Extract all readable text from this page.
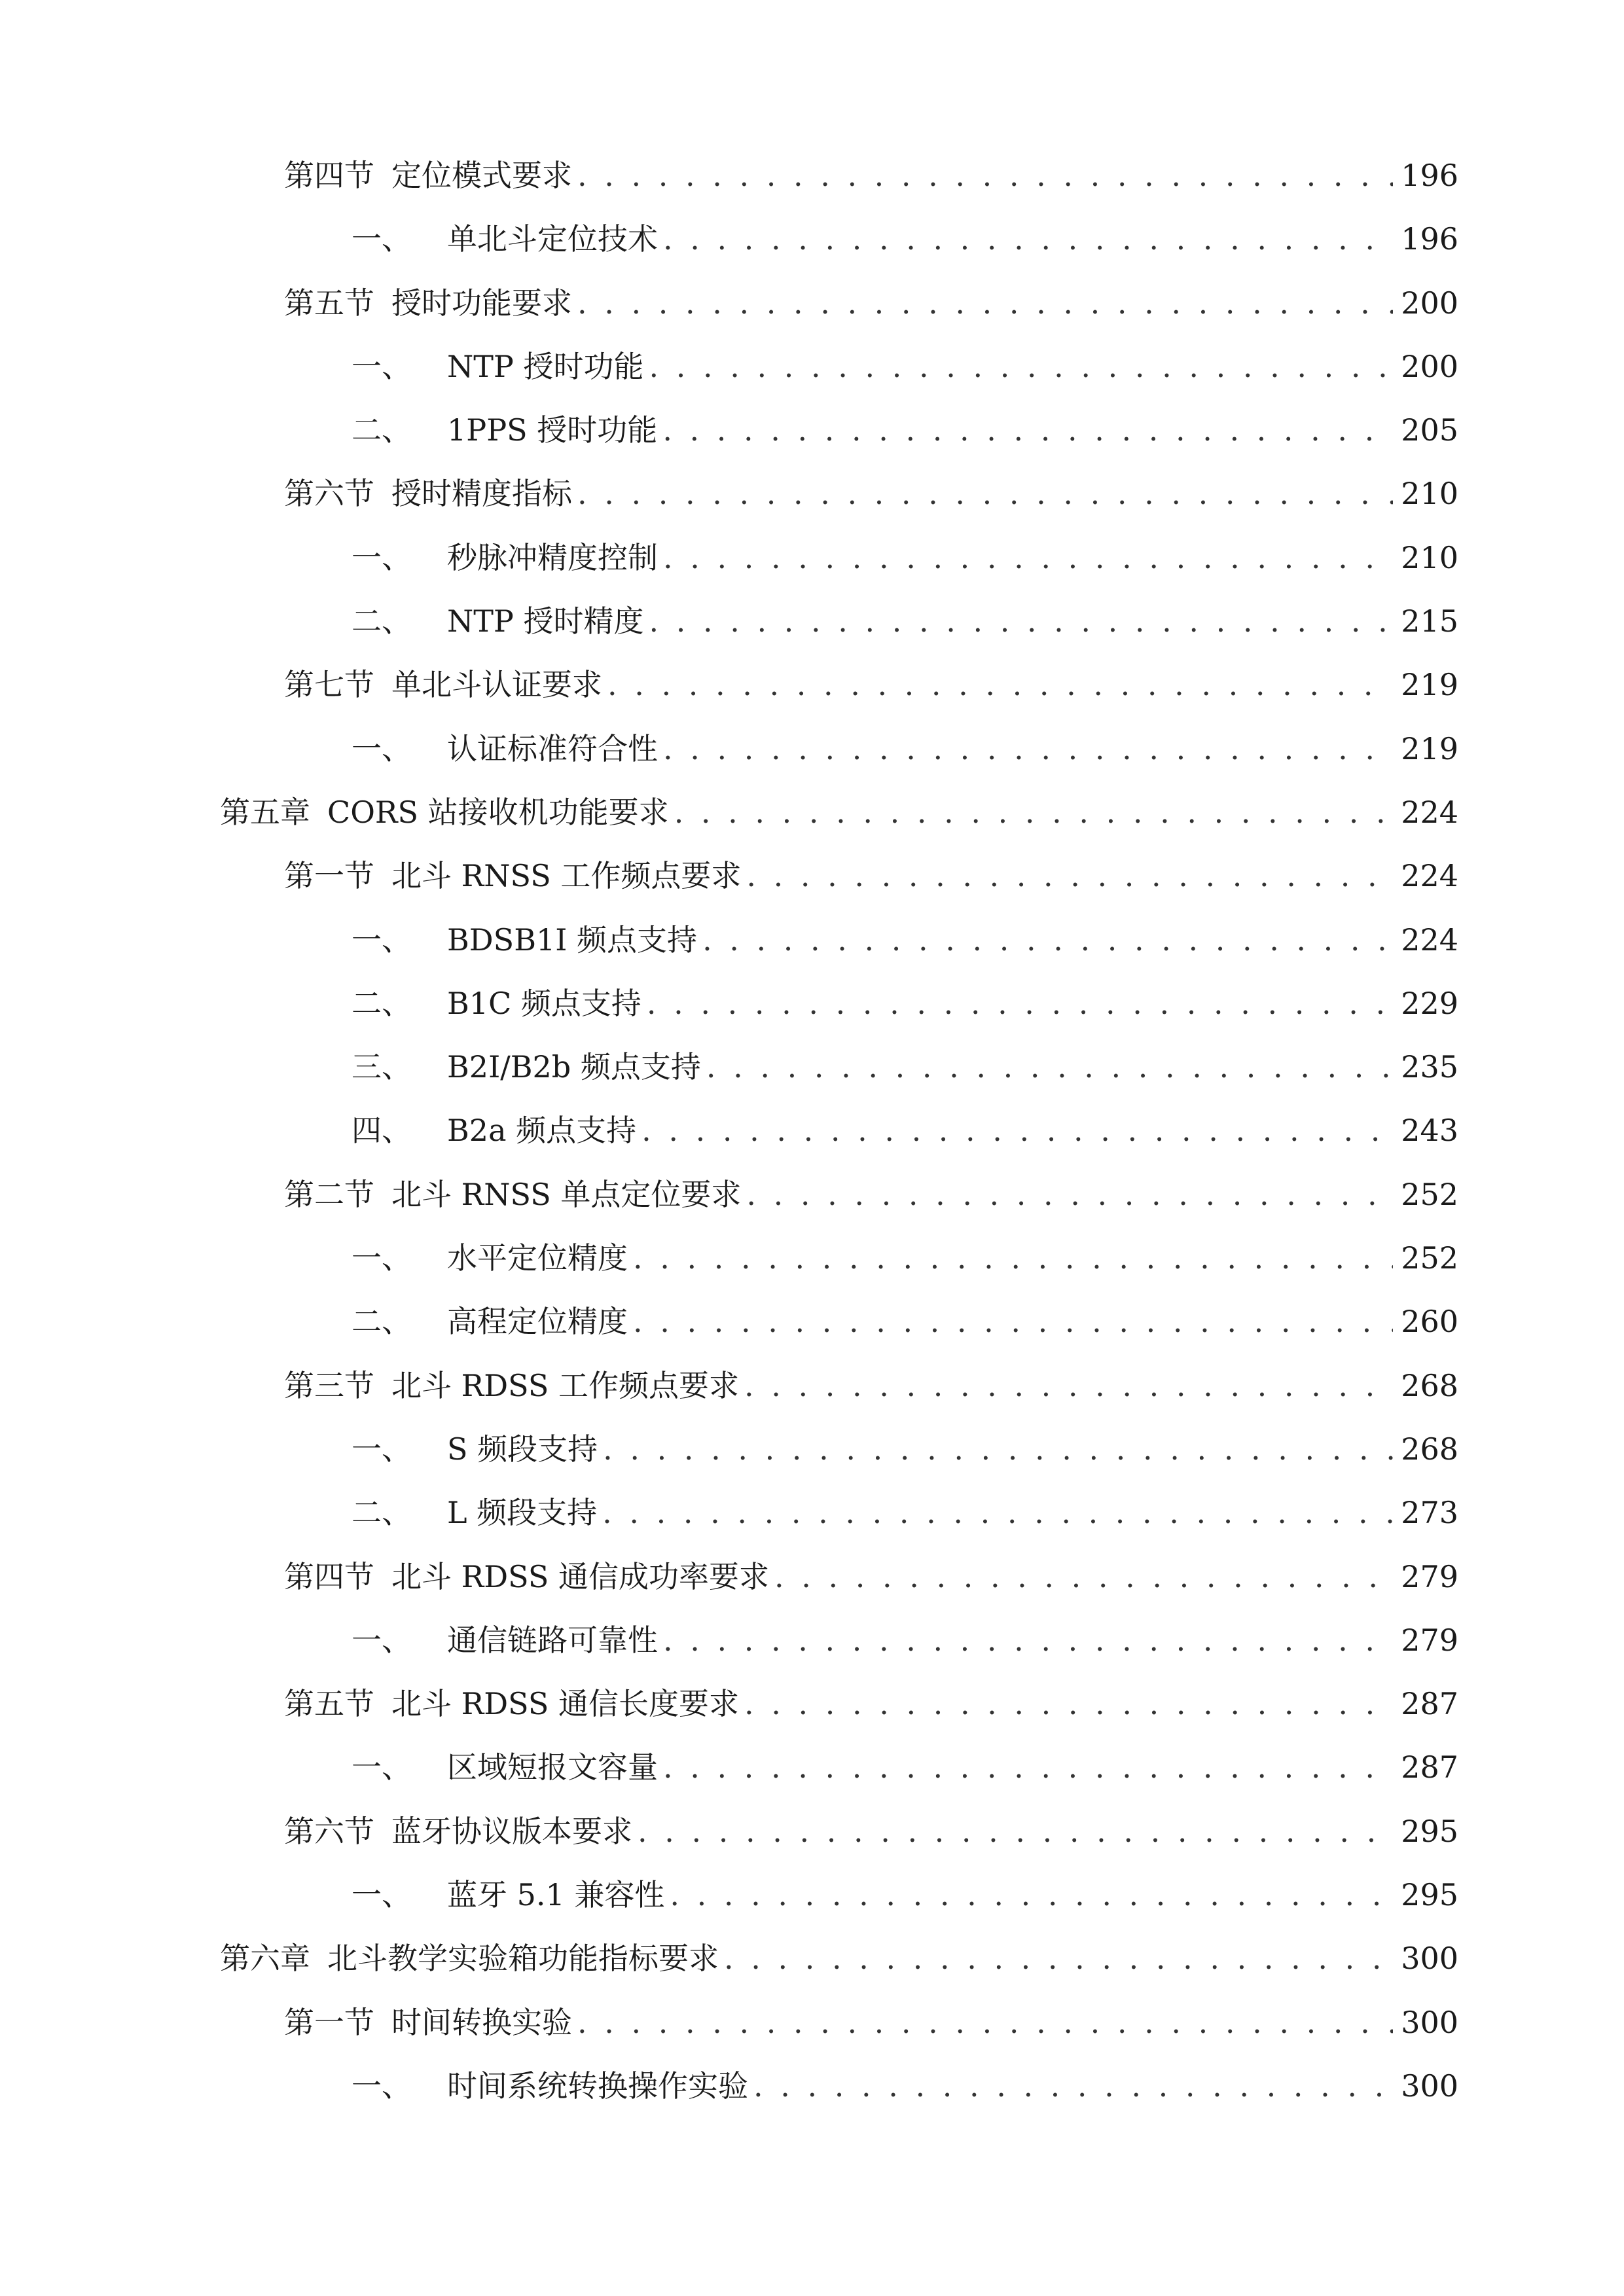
第四节 定位模式要求 . . .	196
一、 单北斗定位技术 . . .	196
第五节 授时功能要求 . . .	200
一、 NTP 授时功能 . . .	200
二、 1PPS 授时功能 . . .	205
第六节 授时精度指标 . . .	210
一、 秒脉冲精度控制 . . .	210
二、 NTP 授时精度 . . .	215
第七节 单北斗认证要求 . . .	219
一、 认证标准符合性 . . .	219
第五章 CORS 站接收机功能要求 . . .	224
第一节 北斗 RNSS 工作频点要求 . . .	224
一、 BDSB1I 频点支持 . . .	224
二、 B1C 频点支持 . . .	229
三、 B2I/B2b 频点支持 . . .	235
四、 B2a 频点支持 . . .	243
第二节 北斗 RNSS 单点定位要求 . . .	252
一、 水平定位精度 . . .	252
二、 高程定位精度 . . .	260
第三节 北斗 RDSS 工作频点要求 . . .	268
一、 S 频段支持 . . .	268
二、 L 频段支持 . . .	273
第四节 北斗 RDSS 通信成功率要求 . . .	279
一、 通信链路可靠性 . . .	279
第五节 北斗 RDSS 通信长度要求 . . .	287
一、 区域短报文容量 . . .	287
第六节 蓝牙协议版本要求 . . .	295
一、 蓝牙 5.1 兼容性 . . .	295
第六章 北斗教学实验箱功能指标要求 . . .	300
第一节 时间转换实验 . . .	300
一、 时间系统转换操作实验 . . .	300
